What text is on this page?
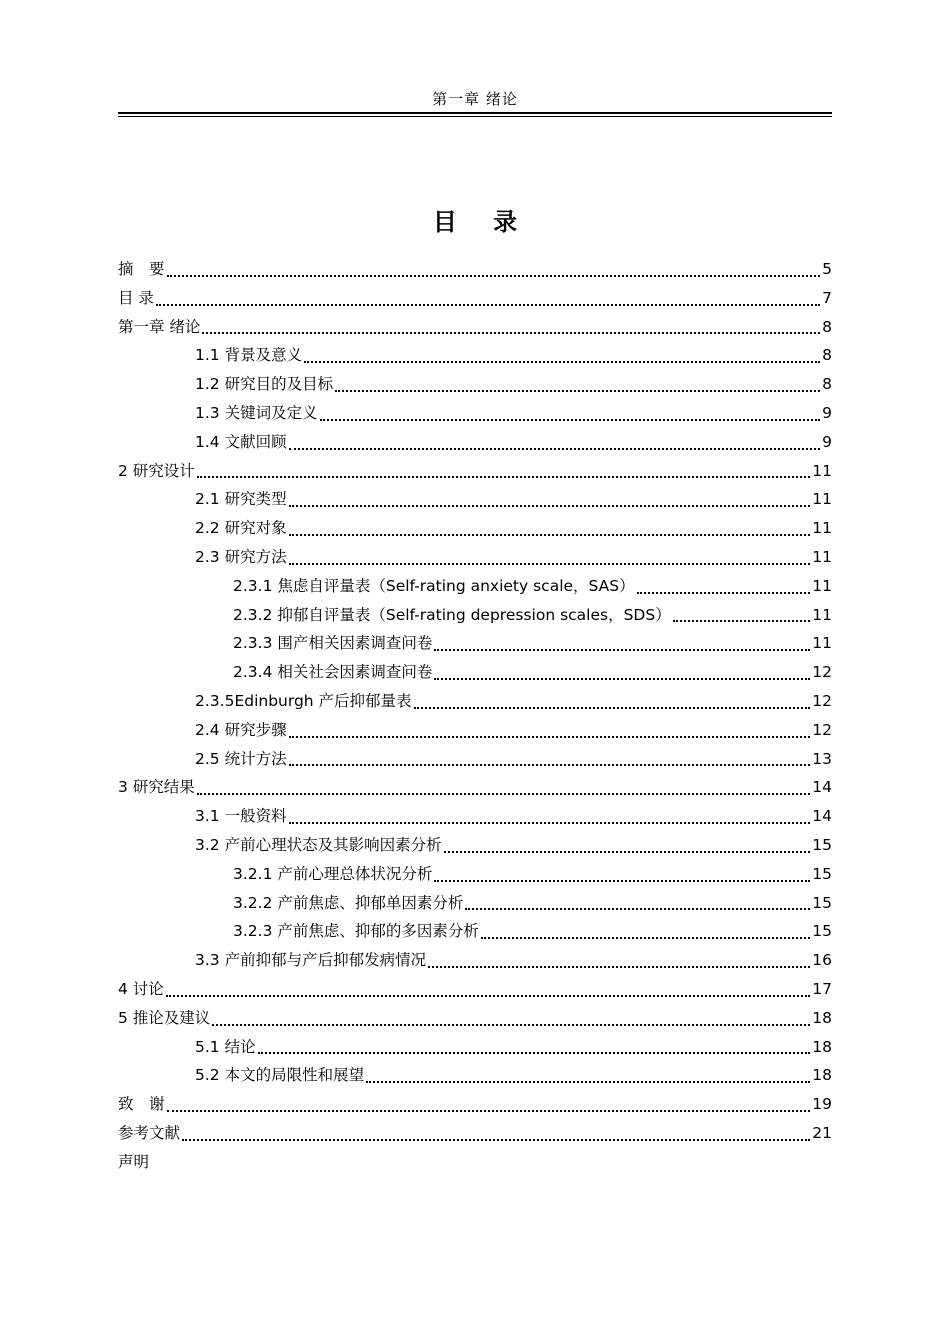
第一章 绪论
目 录
摘　要	5
目 录	7
第一章 绪论	8
1.1 背景及意义	8
1.2 研究目的及目标	8
1.3 关键词及定义	9
1.4 文献回顾	9
2 研究设计	11
2.1 研究类型	11
2.2 研究对象	11
2.3 研究方法	11
2.3.1 焦虑自评量表（Self-rating anxiety scale，SAS）	11
2.3.2 抑郁自评量表（Self-rating depression scales，SDS）	11
2.3.3 围产相关因素调查问卷	11
2.3.4 相关社会因素调查问卷	12
2.3.5Edinburgh 产后抑郁量表	12
2.4 研究步骤	12
2.5 统计方法	13
3 研究结果	14
3.1 一般资料	14
3.2 产前心理状态及其影响因素分析	15
3.2.1 产前心理总体状况分析	15
3.2.2 产前焦虑、抑郁单因素分析	15
3.2.3 产前焦虑、抑郁的多因素分析	15
3.3 产前抑郁与产后抑郁发病情况	16
4 讨论	17
5 推论及建议	18
5.1 结论	18
5.2 本文的局限性和展望	18
致　谢	19
参考文献	21
声明
